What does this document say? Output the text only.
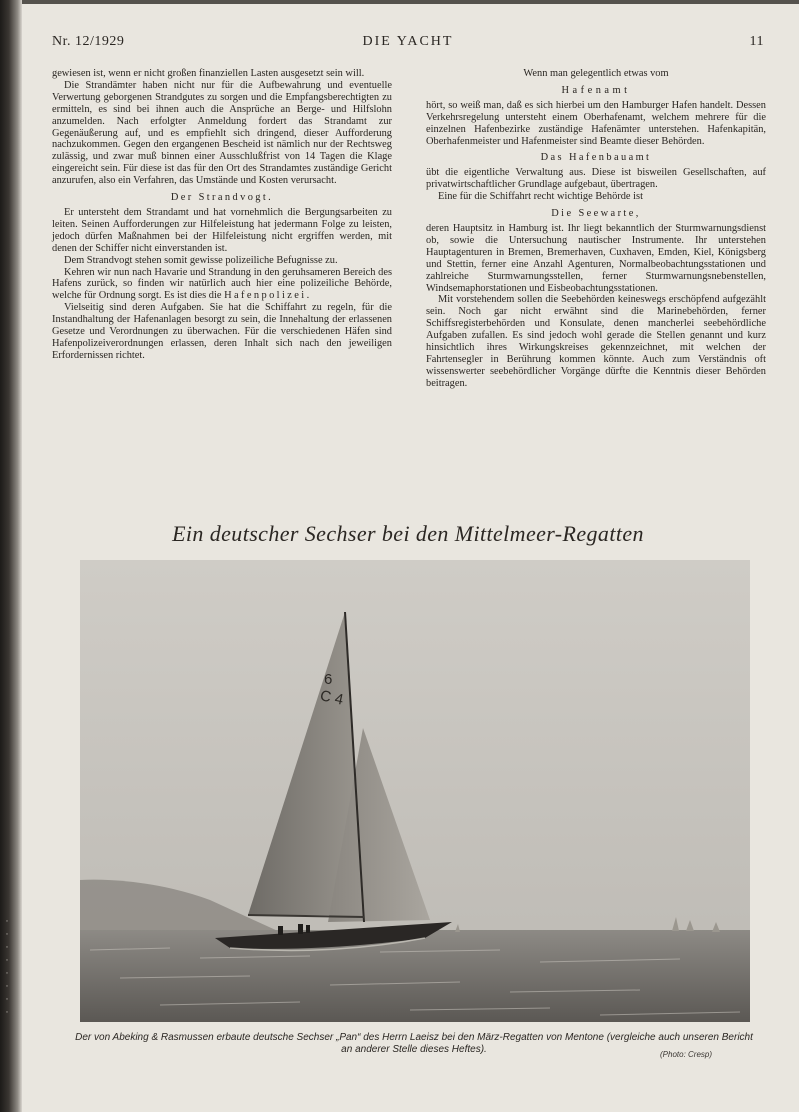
·
·
·
·
·
·
·
·
Nr. 12/1929	DIE YACHT	11

gewiesen ist, wenn er nicht großen finanziellen Lasten ausgesetzt sein will.

Die Strandämter haben nicht nur für die Aufbewahrung und eventuelle Verwertung geborgenen Strandgutes zu sorgen und die Empfangsberechtigten zu ermitteln, es sind bei ihnen auch die Ansprüche an Berge- und Hilfslohn anzumelden. Nach erfolgter Anmeldung fordert das Strandamt zur Gegenäußerung auf, und es empfiehlt sich dringend, dieser Aufforderung nachzukommen. Gegen den ergangenen Bescheid ist nämlich nur der Rechtsweg zulässig, und zwar muß binnen einer Ausschlußfrist von 14 Tagen die Klage eingereicht sein. Für diese ist das für den Ort des Strandamtes zuständige Gericht anzurufen, also ein Verfahren, das Umstände und Kosten verursacht.

Der Strandvogt.

Er untersteht dem Strandamt und hat vornehmlich die Bergungsarbeiten zu leiten. Seinen Aufforderungen zur Hilfeleistung hat jedermann Folge zu leisten, jedoch dürfen Maßnahmen bei der Hilfeleistung nicht ergriffen werden, mit denen der Schiffer nicht einverstanden ist.

Dem Strandvogt stehen somit gewisse polizeiliche Befugnisse zu.

Kehren wir nun nach Havarie und Strandung in den geruhsameren Bereich des Hafens zurück, so finden wir natürlich auch hier eine polizeiliche Behörde, welche für Ordnung sorgt. Es ist dies die Hafenpolizei.

Vielseitig sind deren Aufgaben. Sie hat die Schiffahrt zu regeln, für die Instandhaltung der Hafenanlagen besorgt zu sein, die Innehaltung der erlassenen Gesetze und Verordnungen zu überwachen. Für die verschiedenen Häfen sind Hafenpolizeiverordnungen erlassen, deren Inhalt sich nach den jeweiligen Erfordernissen richtet.

Wenn man gelegentlich etwas vom

Hafenamt

hört, so weiß man, daß es sich hierbei um den Hamburger Hafen handelt. Dessen Verkehrsregelung untersteht einem Oberhafenamt, welchem mehrere für die einzelnen Hafenbezirke zuständige Hafenämter unterstehen. Hafenkapitän, Oberhafenmeister und Hafenmeister sind Beamte dieser Behörden.

Das Hafenbauamt

übt die eigentliche Verwaltung aus. Diese ist bisweilen Gesellschaften, auf privatwirtschaftlicher Grundlage aufgebaut, übertragen.

Eine für die Schiffahrt recht wichtige Behörde ist

Die Seewarte,

deren Hauptsitz in Hamburg ist. Ihr liegt bekanntlich der Sturmwarnungsdienst ob, sowie die Untersuchung nautischer Instrumente. Ihr unterstehen Hauptagenturen in Bremen, Bremerhaven, Cuxhaven, Emden, Kiel, Königsberg und Stettin, ferner eine Anzahl Agenturen, Normalbeobachtungsstationen und zahlreiche Sturmwarnungsstellen, ferner Sturmwarnungsnebenstellen, Windsemaphorstationen und Eisbeobachtungsstationen.

Mit vorstehendem sollen die Seebehörden keineswegs erschöpfend aufgezählt sein. Noch gar nicht erwähnt sind die Marinebehörden, ferner Schiffsregisterbehörden und Konsulate, denen mancherlei seebehördliche Aufgaben zufallen. Es sind jedoch wohl gerade die Stellen genannt und kurz hinsichtlich ihres Wirkungskreises gekennzeichnet, mit welchen der Fahrtensegler in Berührung kommen könnte. Auch zum Verständnis oft wissenswerter seebehördlicher Vorgänge dürfte die Kenntnis dieser Behörden beitragen.

Ein deutscher Sechser bei den Mittelmeer-Regatten
6
C 4
Der von Abeking & Rasmussen erbaute deutsche Sechser „Pan“ des Herrn Laeisz bei den März-Regatten von Mentone (vergleiche auch unseren Bericht an anderer Stelle dieses Heftes).	(Photo: Cresp)
